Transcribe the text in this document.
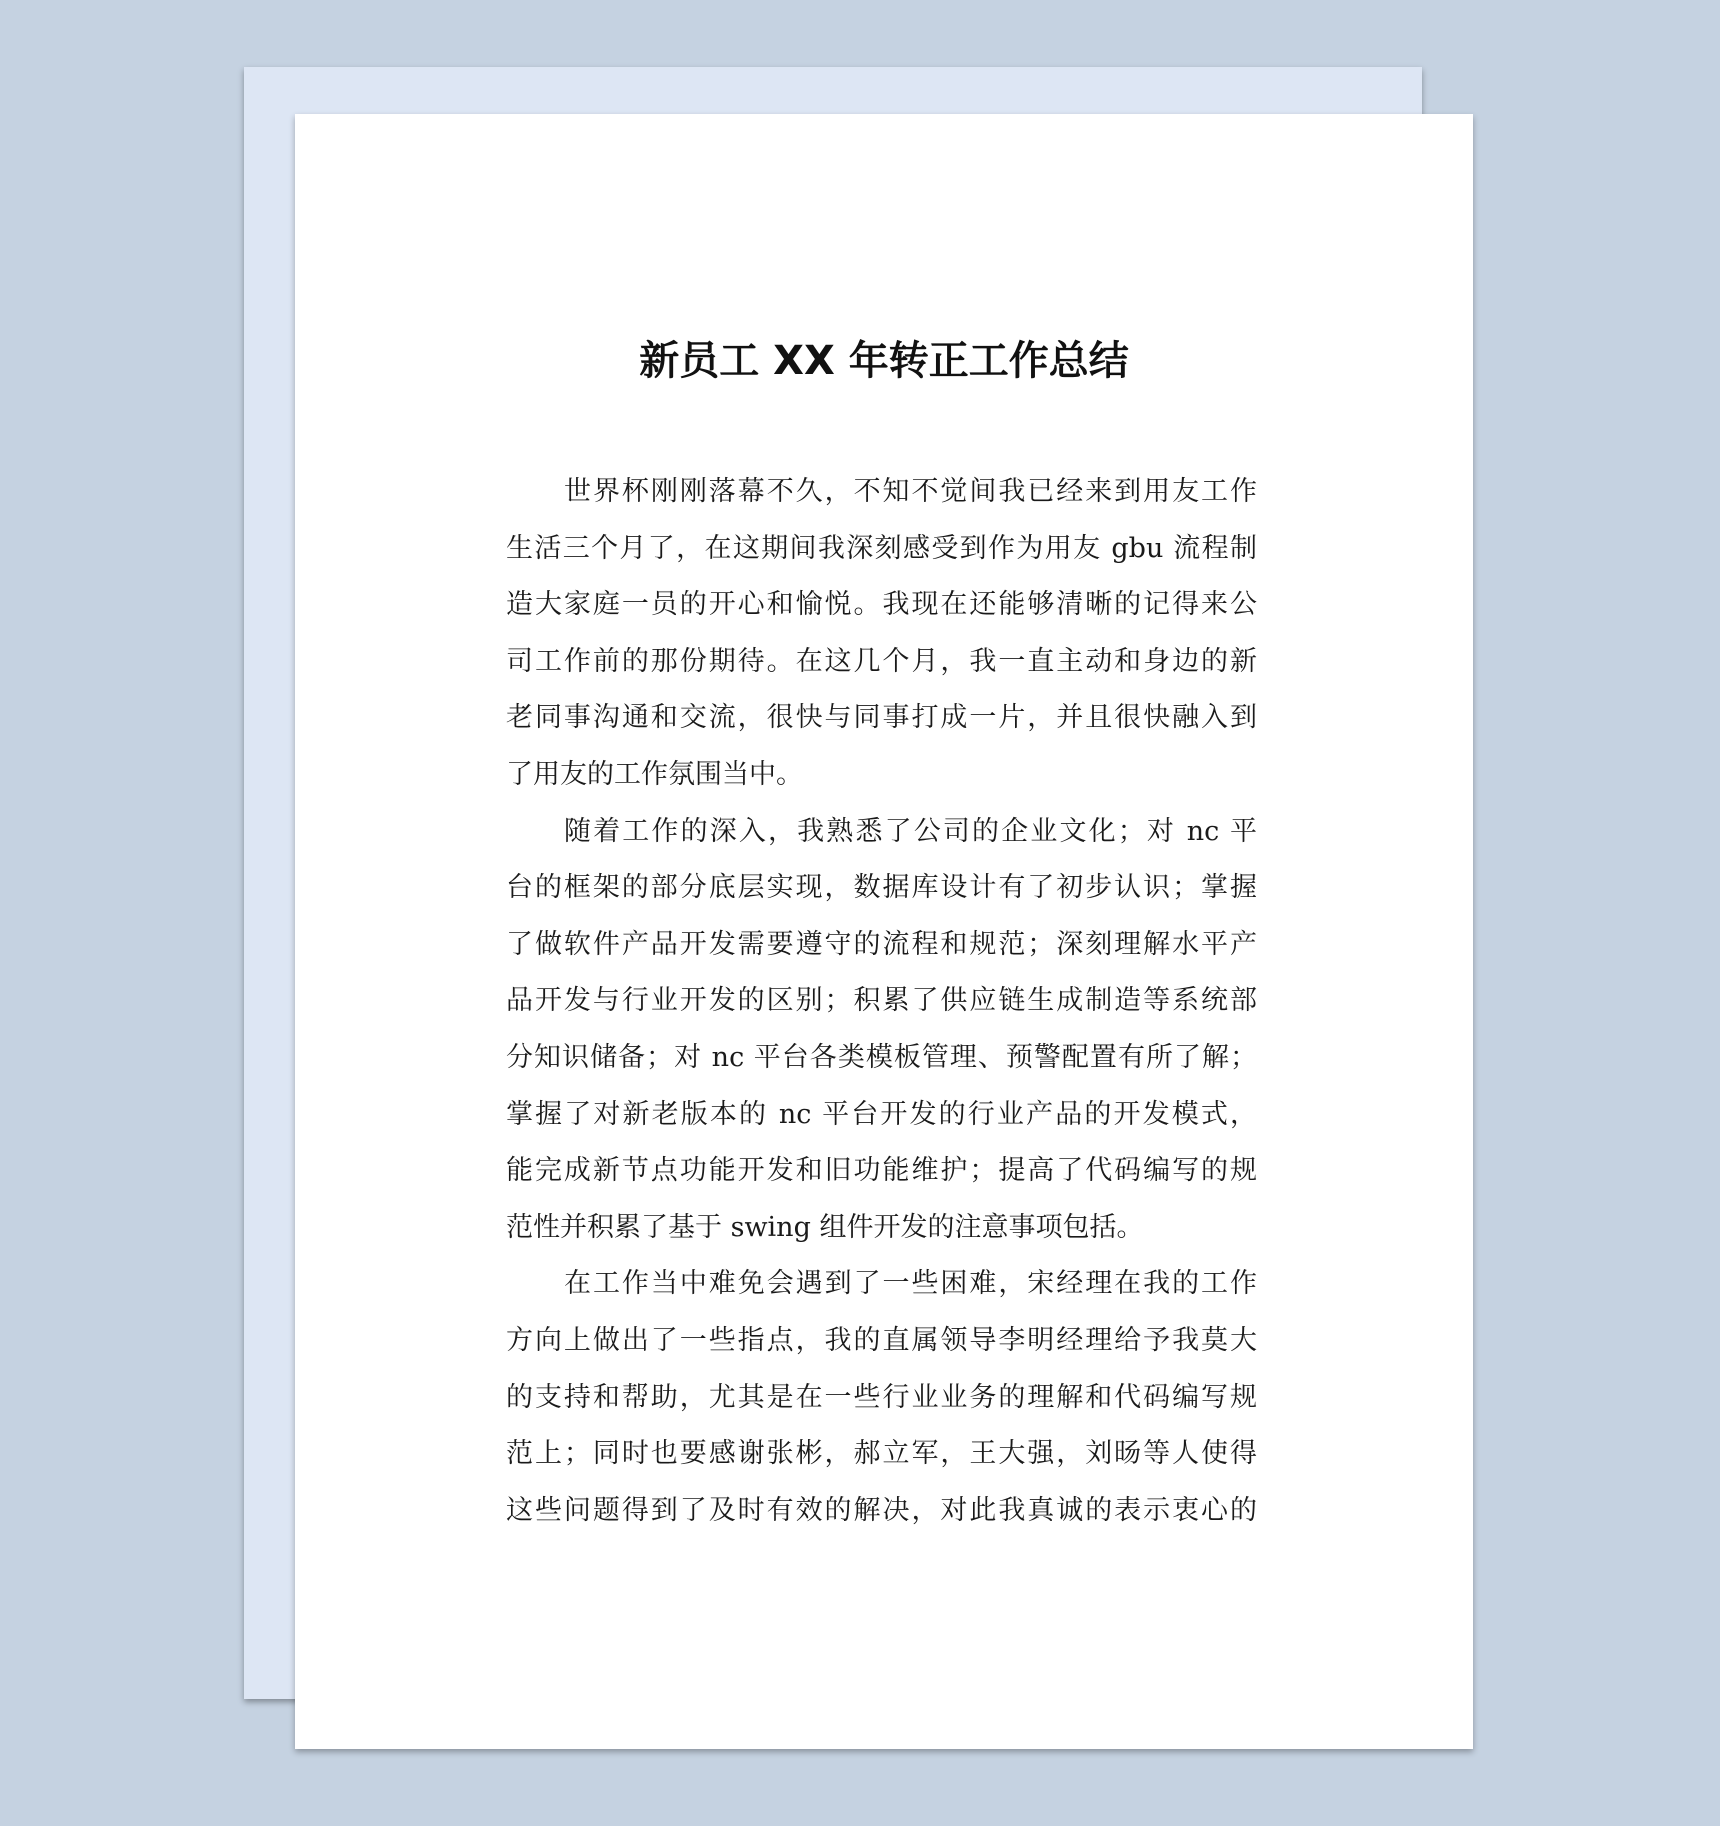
新员工 XX 年转正工作总结
世界杯刚刚落幕不久，不知不觉间我已经来到用友工作
生活三个月了，在这期间我深刻感受到作为用友 gbu 流程制
造大家庭一员的开心和愉悦。我现在还能够清晰的记得来公
司工作前的那份期待。在这几个月，我一直主动和身边的新
老同事沟通和交流，很快与同事打成一片，并且很快融入到
了用友的工作氛围当中。
随着工作的深入，我熟悉了公司的企业文化；对 nc 平
台的框架的部分底层实现，数据库设计有了初步认识；掌握
了做软件产品开发需要遵守的流程和规范；深刻理解水平产
品开发与行业开发的区别；积累了供应链生成制造等系统部
分知识储备；对 nc 平台各类模板管理、预警配置有所了解；
掌握了对新老版本的 nc 平台开发的行业产品的开发模式，
能完成新节点功能开发和旧功能维护；提高了代码编写的规
范性并积累了基于 swing 组件开发的注意事项包括。
在工作当中难免会遇到了一些困难，宋经理在我的工作
方向上做出了一些指点，我的直属领导李明经理给予我莫大
的支持和帮助，尤其是在一些行业业务的理解和代码编写规
范上；同时也要感谢张彬，郝立军，王大强，刘旸等人使得
这些问题得到了及时有效的解决，对此我真诚的表示衷心的
